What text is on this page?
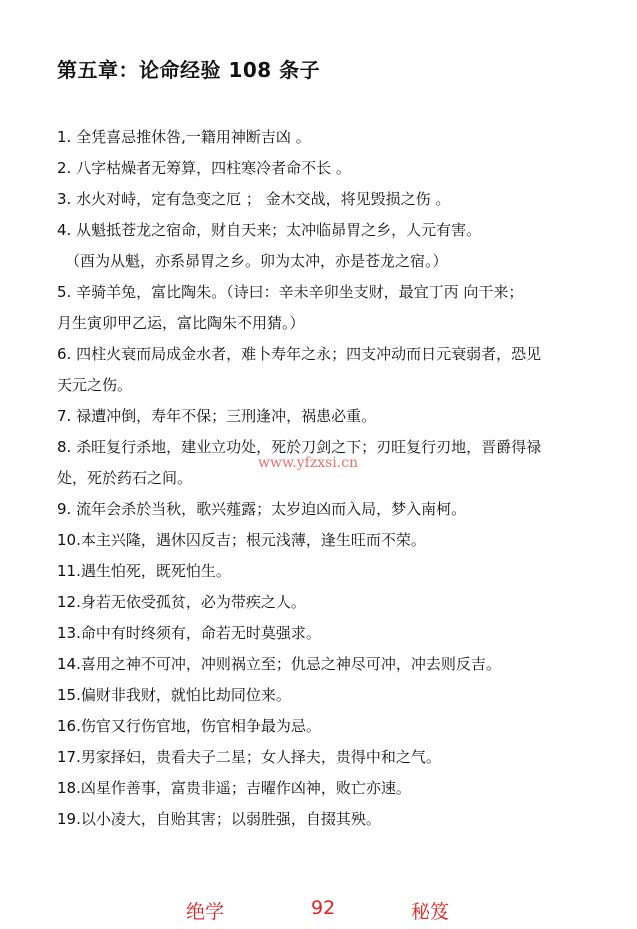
第五章：论命经验 108 条子
1. 全凭喜忌推休咎,一籍用神断吉凶 。
2. 八字枯燥者无筹算，四柱寒冷者命不长 。
3. 水火对峙，定有急变之厄 ； 金木交战，将见毁损之伤 。
4. 从魁抵苍龙之宿命，财自天来；太冲临昴胃之乡，人元有害。
（酉为从魁，亦系昴胃之乡。卯为太冲，亦是苍龙之宿。）
5. 辛骑羊兔，富比陶朱。（诗曰：辛未辛卯坐支财，最宜丁丙 向干来；
月生寅卯甲乙运，富比陶朱不用猜。）
6. 四柱火衰而局成金水者，难卜寿年之永；四支冲动而日元衰弱者，恐见
天元之伤。
7. 禄遭冲倒，寿年不保；三刑逢冲，祸患必重。
8. 杀旺复行杀地，建业立功处，死於刀剑之下；刃旺复行刃地，晋爵得禄
处，死於药石之间。
9. 流年会杀於当秋，歌兴薤露；太岁迫凶而入局，梦入南柯。
10.本主兴隆，遇休囚反吉；根元浅薄，逢生旺而不荣。
11.遇生怕死，既死怕生。
12.身若无依受孤贫，必为带疾之人。
13.命中有时终须有，命若无时莫强求。
14.喜用之神不可冲，冲则祸立至；仇忌之神尽可冲，冲去则反吉。
15.偏财非我财，就怕比劫同位来。
16.伤官又行伤官地，伤官相争最为忌。
17.男家择妇，贵看夫子二星；女人择夫，贵得中和之气。
18.凶星作善事，富贵非遥；吉曜作凶神，败亡亦速。
19.以小凌大，自贻其害；以弱胜强，自掇其殃。
www.yfzxsi.cn
绝学	92	秘笈
